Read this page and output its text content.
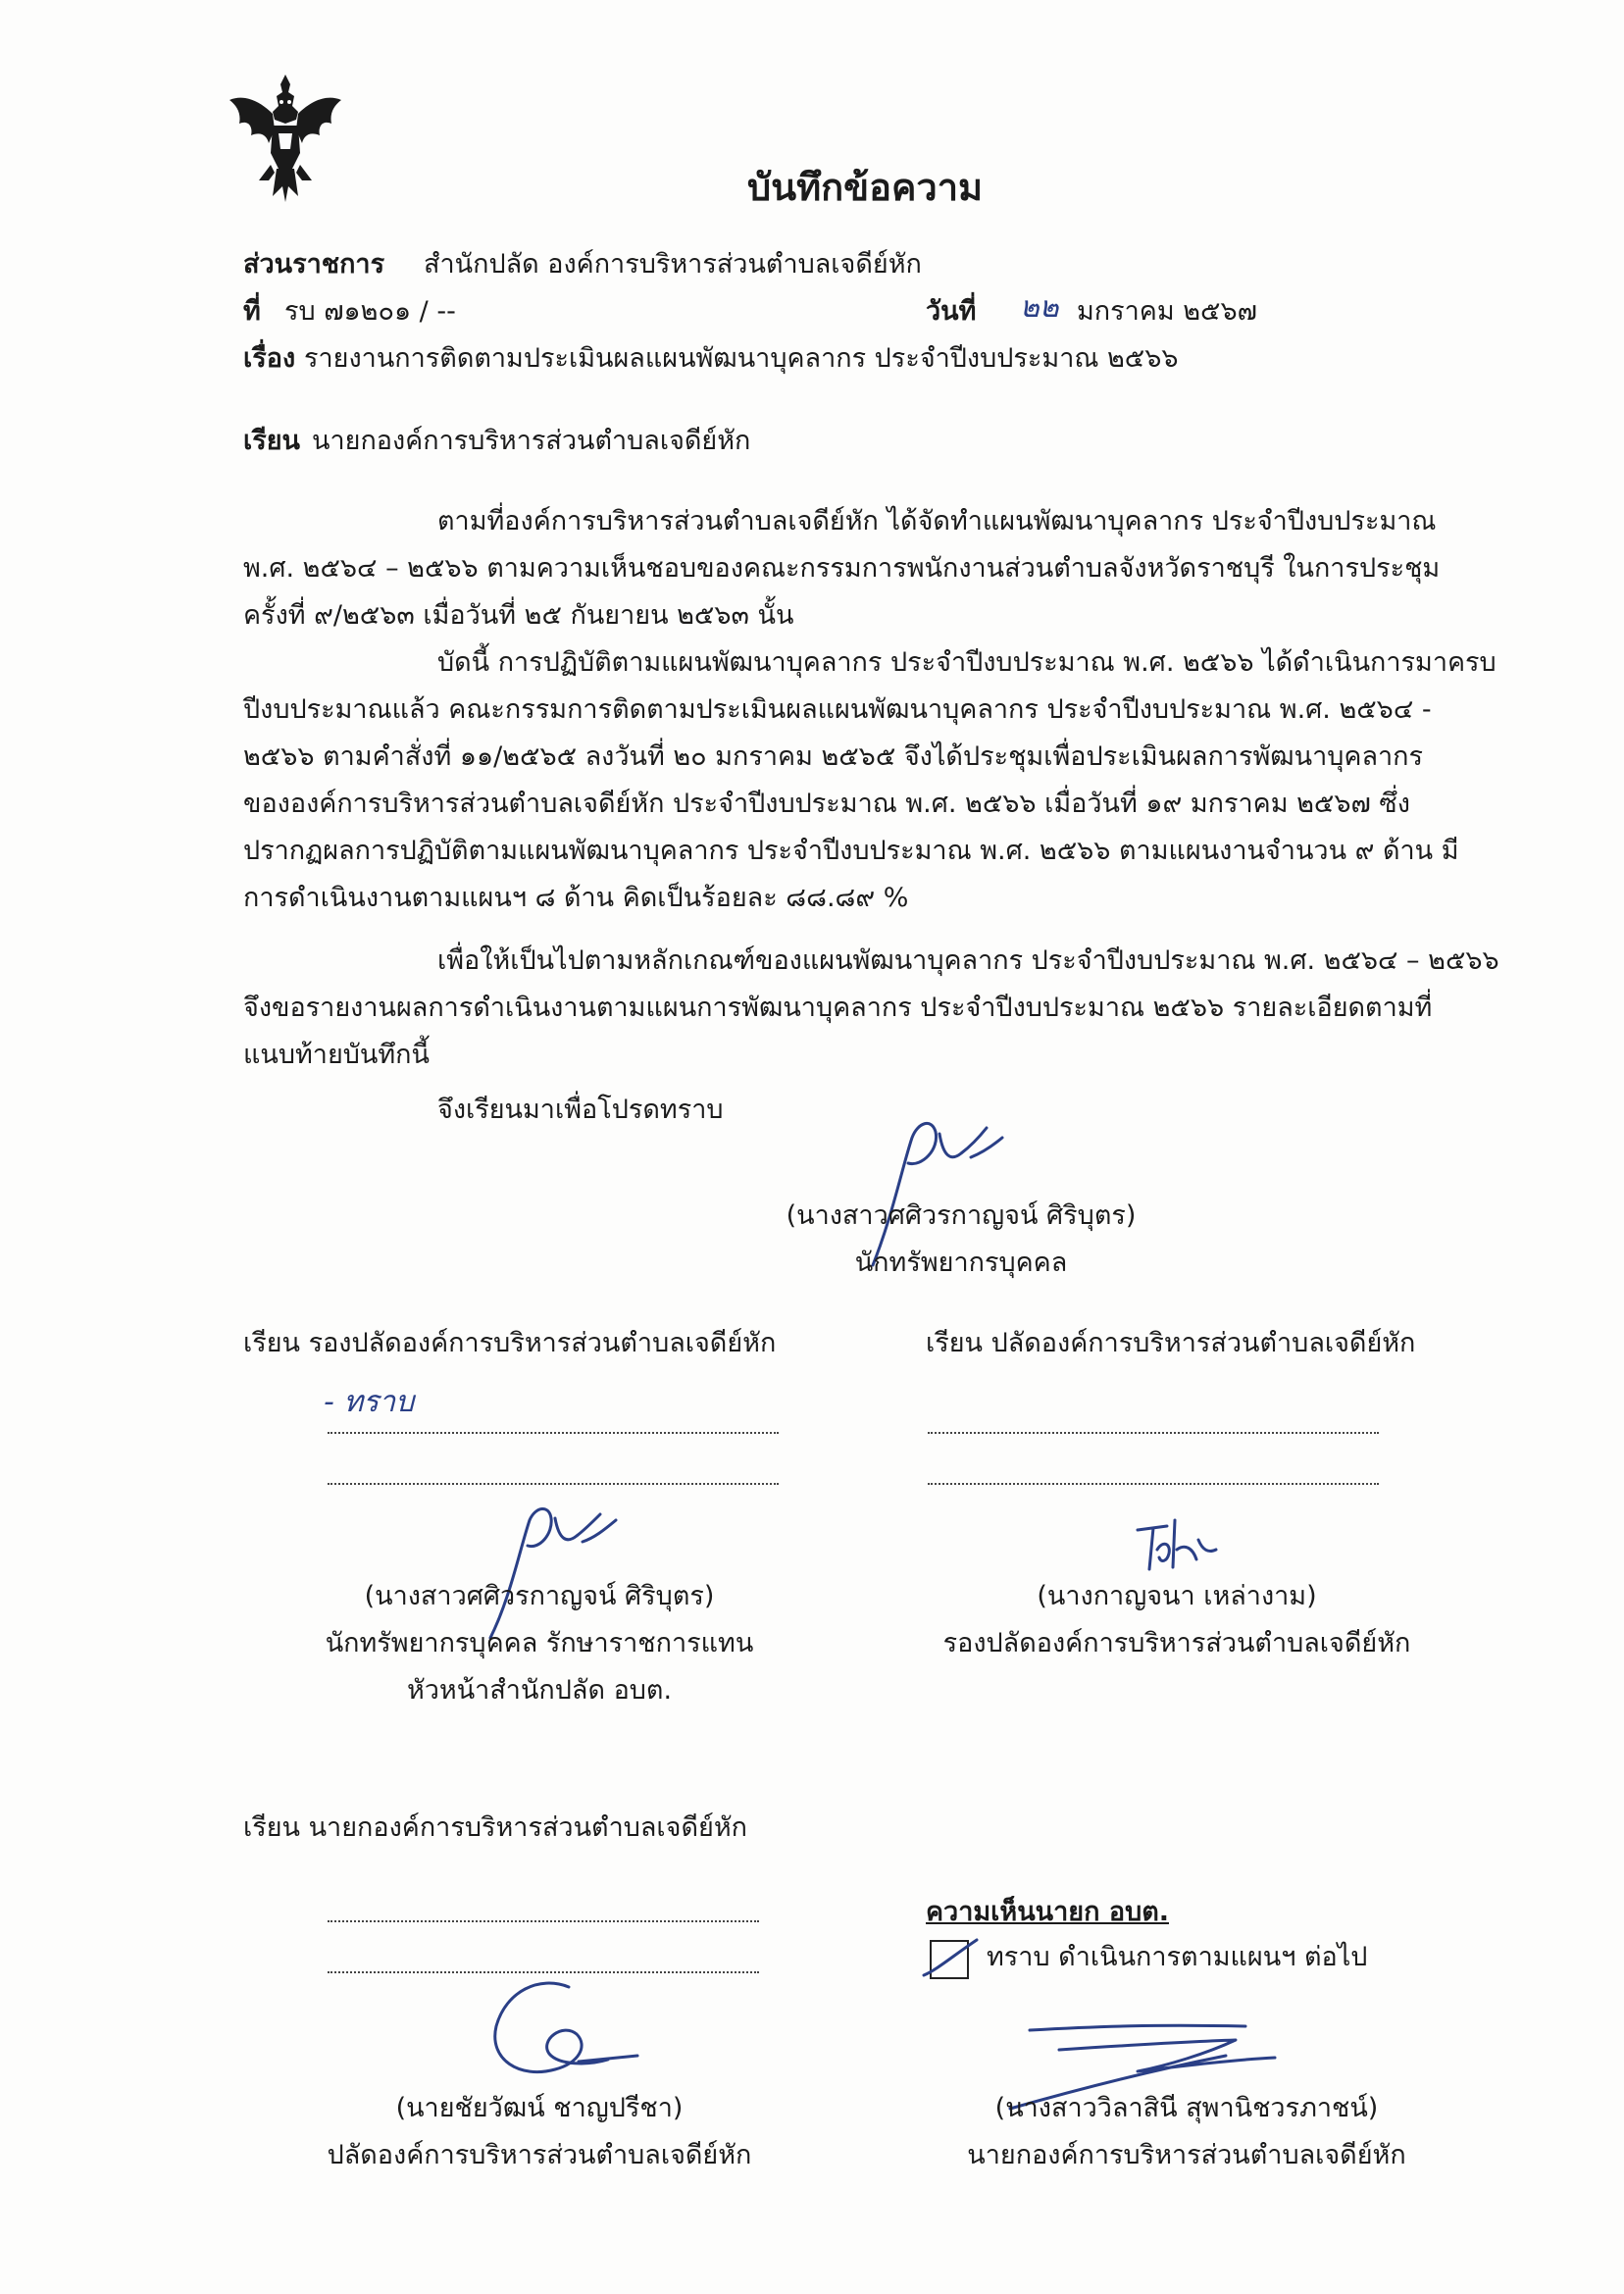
บันทึกข้อความ
ส่วนราชการ สำนักปลัด องค์การบริหารส่วนตำบลเจดีย์หัก
ที่ รบ ๗๑๒๐๑ / --	วันที่ ๒๒ มกราคม ๒๕๖๗
เรื่อง รายงานการติดตามประเมินผลแผนพัฒนาบุคลากร ประจำปีงบประมาณ ๒๕๖๖
เรียน นายกองค์การบริหารส่วนตำบลเจดีย์หัก
ตามที่องค์การบริหารส่วนตำบลเจดีย์หัก ได้จัดทำแผนพัฒนาบุคลากร ประจำปีงบประมาณ
พ.ศ. ๒๕๖๔ – ๒๕๖๖ ตามความเห็นชอบของคณะกรรมการพนักงานส่วนตำบลจังหวัดราชบุรี ในการประชุม
ครั้งที่ ๙/๒๕๖๓ เมื่อวันที่ ๒๕ กันยายน ๒๕๖๓ นั้น
บัดนี้ การปฏิบัติตามแผนพัฒนาบุคลากร ประจำปีงบประมาณ พ.ศ. ๒๕๖๖ ได้ดำเนินการมาครบ
ปีงบประมาณแล้ว คณะกรรมการติดตามประเมินผลแผนพัฒนาบุคลากร ประจำปีงบประมาณ พ.ศ. ๒๕๖๔ -
๒๕๖๖ ตามคำสั่งที่ ๑๑/๒๕๖๕ ลงวันที่ ๒๐ มกราคม ๒๕๖๕ จึงได้ประชุมเพื่อประเมินผลการพัฒนาบุคลากร
ขององค์การบริหารส่วนตำบลเจดีย์หัก ประจำปีงบประมาณ พ.ศ. ๒๕๖๖ เมื่อวันที่ ๑๙ มกราคม ๒๕๖๗ ซึ่ง
ปรากฏผลการปฏิบัติตามแผนพัฒนาบุคลากร ประจำปีงบประมาณ พ.ศ. ๒๕๖๖ ตามแผนงานจำนวน ๙ ด้าน มี
การดำเนินงานตามแผนฯ ๘ ด้าน คิดเป็นร้อยละ ๘๘.๘๙ %
เพื่อให้เป็นไปตามหลักเกณฑ์ของแผนพัฒนาบุคลากร ประจำปีงบประมาณ พ.ศ. ๒๕๖๔ – ๒๕๖๖
จึงขอรายงานผลการดำเนินงานตามแผนการพัฒนาบุคลากร ประจำปีงบประมาณ ๒๕๖๖ รายละเอียดตามที่
แนบท้ายบันทึกนี้
จึงเรียนมาเพื่อโปรดทราบ
(นางสาวศศิวรกาญจน์ ศิริบุตร)
นักทรัพยากรบุคคล
เรียน รองปลัดองค์การบริหารส่วนตำบลเจดีย์หัก
- ทราบ
(นางสาวศศิวรกาญจน์ ศิริบุตร)
นักทรัพยากรบุคคล รักษาราชการแทน
หัวหน้าสำนักปลัด อบต.
เรียน ปลัดองค์การบริหารส่วนตำบลเจดีย์หัก
(นางกาญจนา เหล่างาม)
รองปลัดองค์การบริหารส่วนตำบลเจดีย์หัก
เรียน นายกองค์การบริหารส่วนตำบลเจดีย์หัก
(นายชัยวัฒน์ ชาญปรีชา)
ปลัดองค์การบริหารส่วนตำบลเจดีย์หัก
ความเห็นนายก อบต.
ทราบ ดำเนินการตามแผนฯ ต่อไป
(นางสาววิลาสินี สุพานิชวรภาชน์)
นายกองค์การบริหารส่วนตำบลเจดีย์หัก
